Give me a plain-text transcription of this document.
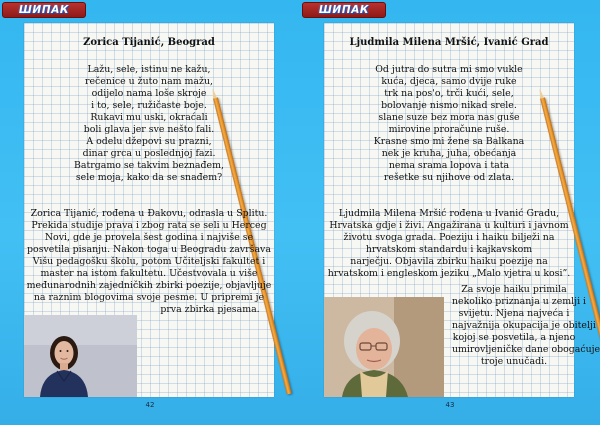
ШИПАК	ШИПАК
Zorica Tijanić, Beograd
Lažu, sele, istinu ne kažu,
rečenice u žuto nam mažu,
odijelo nama loše skroje
i to, sele, ružičaste boje.
Rukavi mu uski, okraćali
boli glava jer sve nešto fali.
A odelu džepovi su prazni,
dinar grca u poslednjoj fazi.
Batrgamo se takvim beznađem,
sele moja, kako da se snađem?
Zorica Tijanić, rođena u Đakovu, odrasla u Splitu.
Prekida studije prava i zbog rata se seli u Herceg
Novi, gde je provela šest godina i najviše se
posvetila pisanju. Nakon toga u Beogradu završava
Višu pedagošku školu, potom Učiteljski fakultet i
master na istom fakultetu. Učestvovala u više
međunarodnih zajedničkih zbirki poezije, objavljuje
na raznim blogovima svoje pesme. U pripremi je
prva zbirka pjesama.
Ljudmila Milena Mršić, Ivanić Grad
Od jutra do sutra mi smo vukle
kuća, djeca, samo dvije ruke
trk na pos'o, trči kući, sele,
bolovanje nismo nikad srele.
slane suze bez mora nas guše
mirovine proračune ruše.
Krasne smo mi žene sa Balkana
nek je kruha, juha, obećanja
nema srama lopova i tata
rešetke su njihove od zlata.
Ljudmila Milena Mršić rođena u Ivanić Gradu,
Hrvatska gdje i živi. Angažirana u kulturi i javnom
životu svoga grada. Poeziju i haiku bilježi na
hrvatskom standardu i kajkavskom
narječju. Objavila zbirku haiku poezije na
hrvatskom i engleskom jeziku „Malo vjetra u kosi”.
Za svoje haiku primila
nekoliko priznanja u zemlji i
svijetu. Njena najveća i
najvažnija okupacija je obitelji
kojoj se posvetila, a njeno
umirovljeničke dane obogaćuje
troje unučadi.
42	43
